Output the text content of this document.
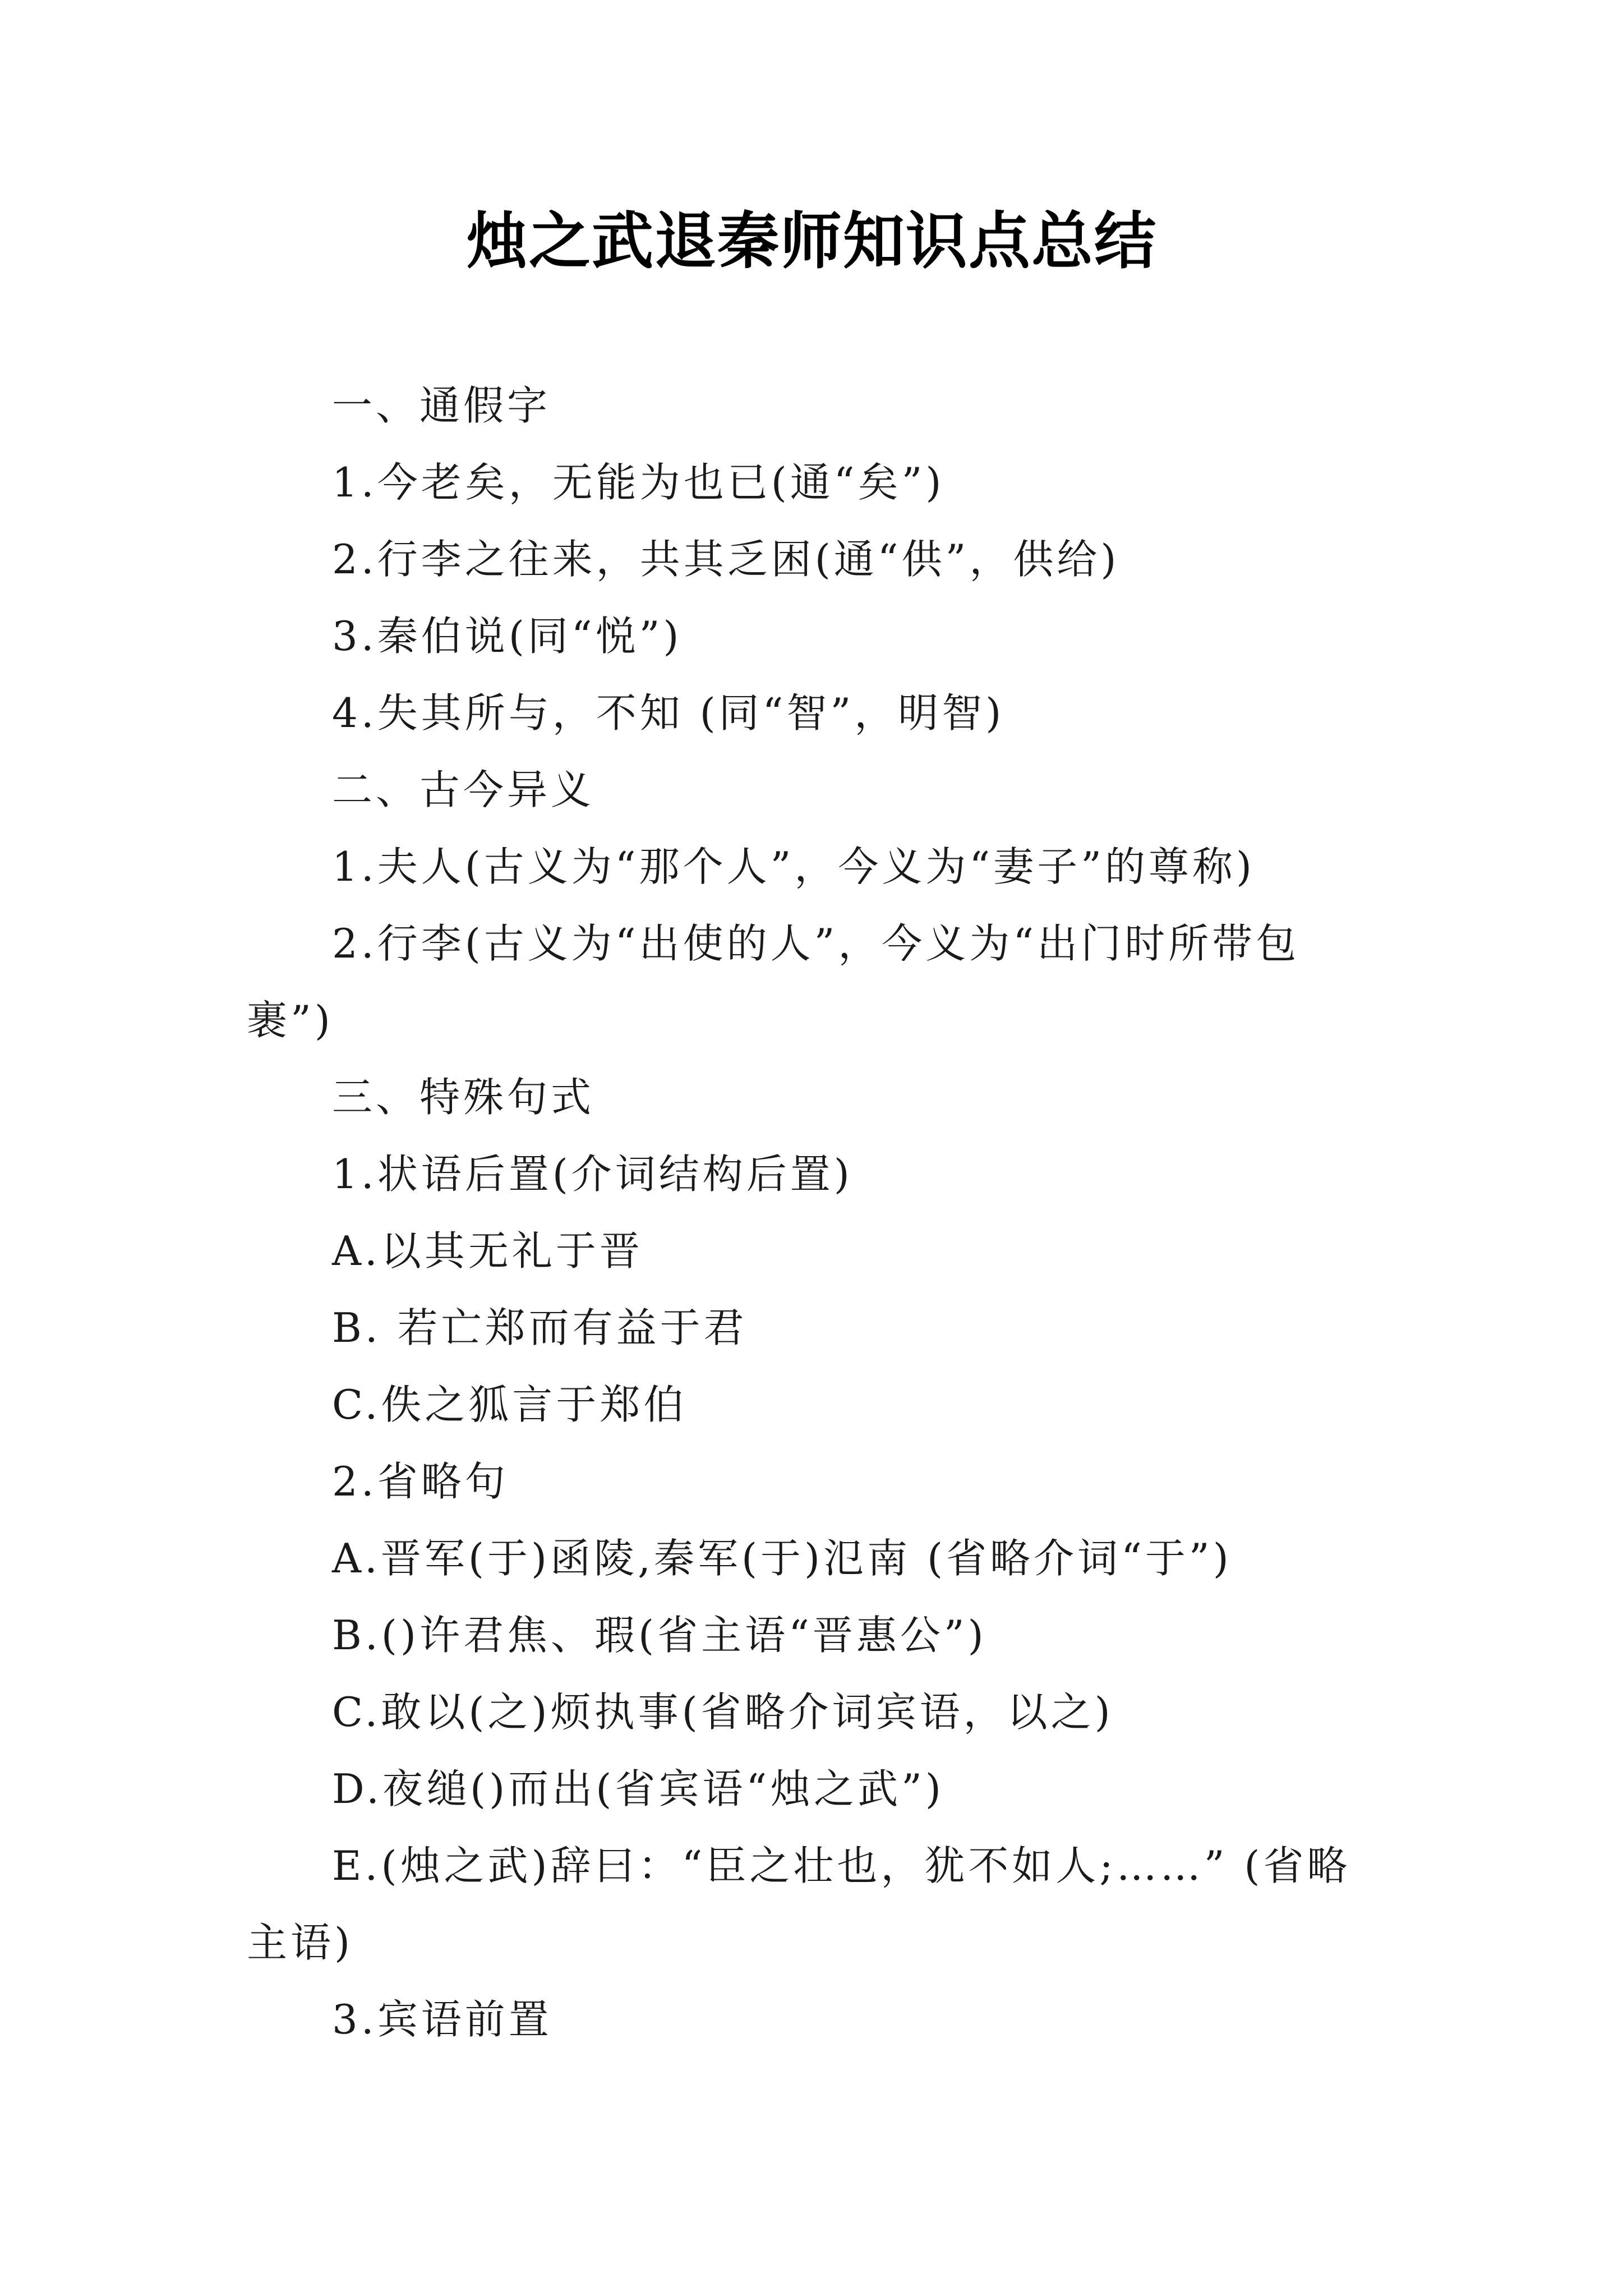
烛之武退秦师知识点总结
一、通假字
1.今老矣，无能为也已(通“矣”)
2.行李之往来，共其乏困(通“供”，供给)
3.秦伯说(同“悦”)
4.失其所与，不知 (同“智”，明智)
二、古今异义
1.夫人(古义为“那个人”，今义为“妻子”的尊称)
2.行李(古义为“出使的人”，今义为“出门时所带包
裹”)
三、特殊句式
1.状语后置(介词结构后置)
A.以其无礼于晋
B. 若亡郑而有益于君
C.佚之狐言于郑伯
2.省略句
A.晋军(于)函陵,秦军(于)氾南 (省略介词“于”)
B.()许君焦、瑕(省主语“晋惠公”)
C.敢以(之)烦执事(省略介词宾语，以之)
D.夜缒()而出(省宾语“烛之武”)
E.(烛之武)辞曰：“臣之壮也，犹不如人;……” (省略
主语)
3.宾语前置
